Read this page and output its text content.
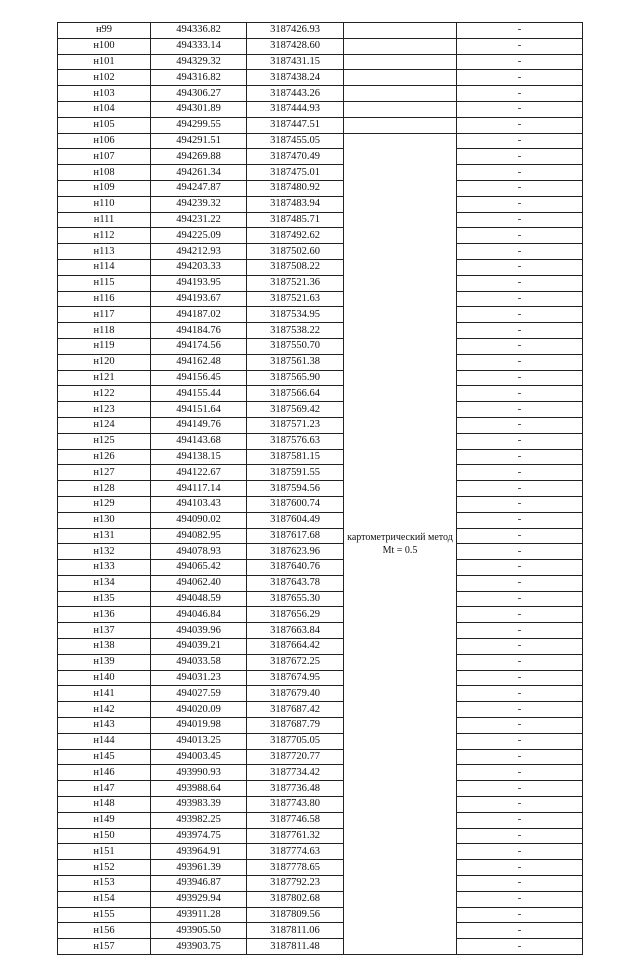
н99	494336.82	3187426.93		-
н100	494333.14	3187428.60		-
н101	494329.32	3187431.15		-
н102	494316.82	3187438.24		-
н103	494306.27	3187443.26		-
н104	494301.89	3187444.93		-
н105	494299.55	3187447.51		-
н106	494291.51	3187455.05	картометрический метод Mt = 0.5	-
н107	494269.88	3187470.49		-
н108	494261.34	3187475.01		-
н109	494247.87	3187480.92		-
н110	494239.32	3187483.94		-
н111	494231.22	3187485.71		-
н112	494225.09	3187492.62		-
н113	494212.93	3187502.60		-
н114	494203.33	3187508.22		-
н115	494193.95	3187521.36		-
н116	494193.67	3187521.63		-
н117	494187.02	3187534.95		-
н118	494184.76	3187538.22		-
н119	494174.56	3187550.70		-
н120	494162.48	3187561.38		-
н121	494156.45	3187565.90		-
н122	494155.44	3187566.64		-
н123	494151.64	3187569.42		-
н124	494149.76	3187571.23		-
н125	494143.68	3187576.63		-
н126	494138.15	3187581.15		-
н127	494122.67	3187591.55		-
н128	494117.14	3187594.56		-
н129	494103.43	3187600.74		-
н130	494090.02	3187604.49		-
н131	494082.95	3187617.68		-
н132	494078.93	3187623.96		-
н133	494065.42	3187640.76		-
н134	494062.40	3187643.78		-
н135	494048.59	3187655.30		-
н136	494046.84	3187656.29		-
н137	494039.96	3187663.84		-
н138	494039.21	3187664.42		-
н139	494033.58	3187672.25		-
н140	494031.23	3187674.95		-
н141	494027.59	3187679.40		-
н142	494020.09	3187687.42		-
н143	494019.98	3187687.79		-
н144	494013.25	3187705.05		-
н145	494003.45	3187720.77		-
н146	493990.93	3187734.42		-
н147	493988.64	3187736.48		-
н148	493983.39	3187743.80		-
н149	493982.25	3187746.58		-
н150	493974.75	3187761.32		-
н151	493964.91	3187774.63		-
н152	493961.39	3187778.65		-
н153	493946.87	3187792.23		-
н154	493929.94	3187802.68		-
н155	493911.28	3187809.56		-
н156	493905.50	3187811.06		-
н157	493903.75	3187811.48		-
